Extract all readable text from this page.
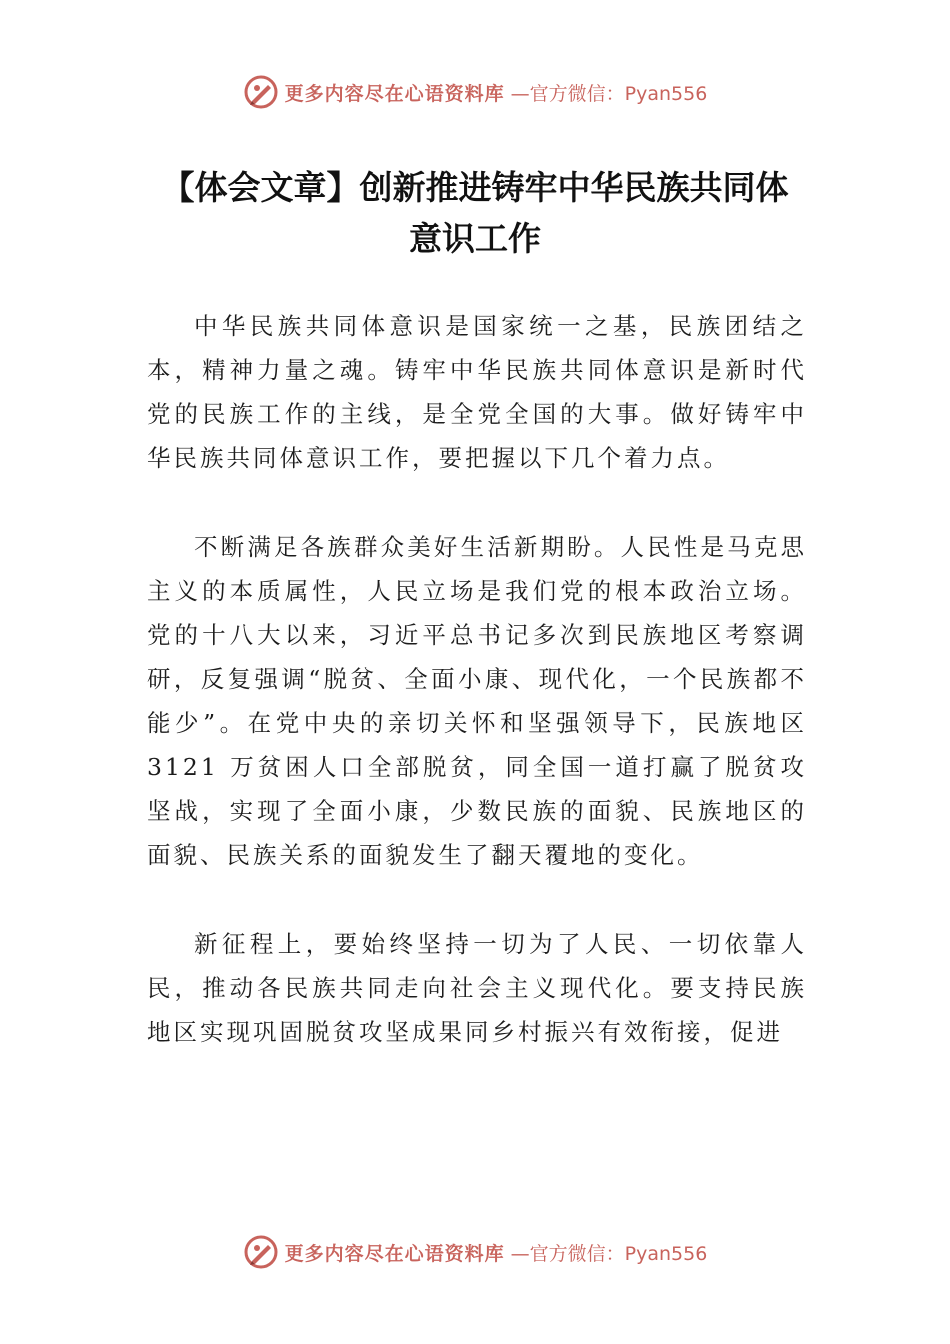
更多内容尽在心语资料库 —官方微信：Pyan556
【体会文章】创新推进铸牢中华民族共同体
意识工作

中华民族共同体意识是国家统一之基，民族团结之本，精神力量之魂。铸牢中华民族共同体意识是新时代党的民族工作的主线，是全党全国的大事。做好铸牢中华民族共同体意识工作，要把握以下几个着力点。

不断满足各族群众美好生活新期盼。人民性是马克思主义的本质属性，人民立场是我们党的根本政治立场。党的十八大以来，习近平总书记多次到民族地区考察调研，反复强调“脱贫、全面小康、现代化，一个民族都不能少”。在党中央的亲切关怀和坚强领导下，民族地区 3121 万贫困人口全部脱贫，同全国一道打赢了脱贫攻坚战，实现了全面小康，少数民族的面貌、民族地区的面貌、民族关系的面貌发生了翻天覆地的变化。

新征程上，要始终坚持一切为了人民、一切依靠人民，推动各民族共同走向社会主义现代化。要支持民族地区实现巩固脱贫攻坚成果同乡村振兴有效衔接，促进

更多内容尽在心语资料库 —官方微信：Pyan556
